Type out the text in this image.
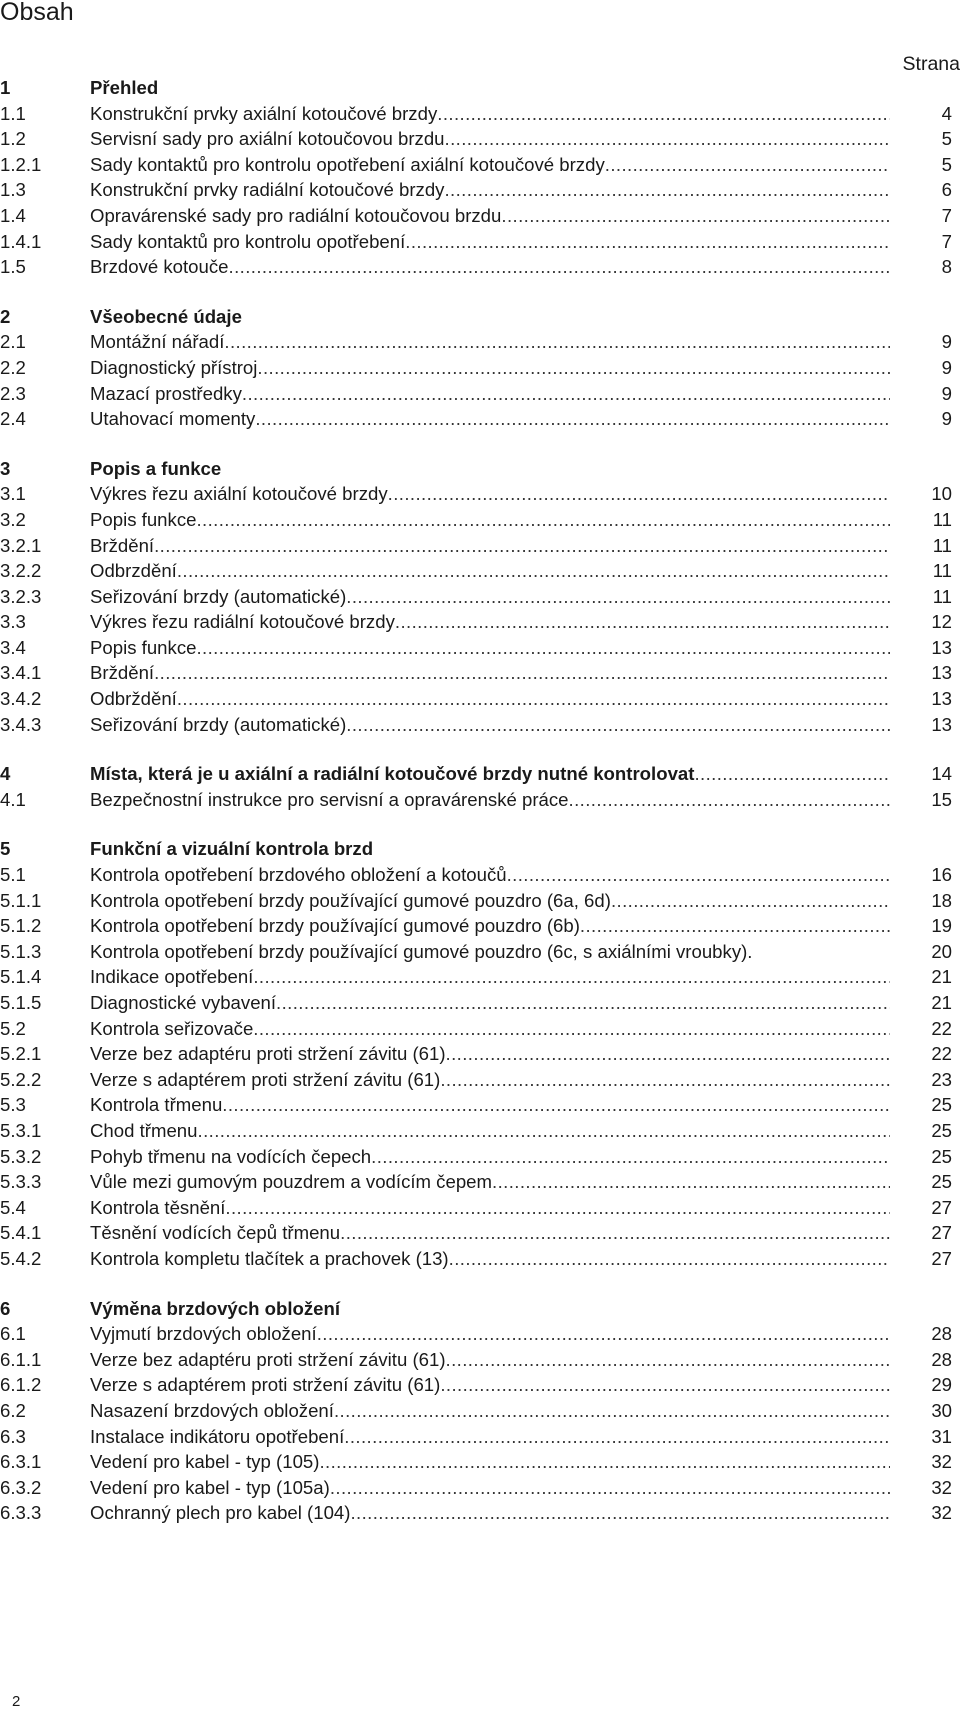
Obsah
Strana
1	Přehled
1.1	Konstrukční prvky axiální kotoučové brzdy .....	4
1.2	Servisní sady pro axiální kotoučovou brzdu .....	5
1.2.1	Sady kontaktů pro kontrolu opotřebení axiální kotoučové brzdy .....	5
1.3	Konstrukční prvky radiální kotoučové brzdy .....	6
1.4	Opravárenské sady pro radiální kotoučovou brzdu .....	7
1.4.1	Sady kontaktů pro kontrolu opotřebení .....	7
1.5	Brzdové kotouče .....	8
2	Všeobecné údaje
2.1	Montážní nářadí .....	9
2.2	Diagnostický přístroj .....	9
2.3	Mazací prostředky .....	9
2.4	Utahovací momenty .....	9
3	Popis a funkce
3.1	Výkres řezu axiální kotoučové brzdy .....	10
3.2	Popis funkce .....	11
3.2.1	Brždění .....	11
3.2.2	Odbrzdění .....	11
3.2.3	Seřizování brzdy (automatické) .....	11
3.3	Výkres řezu radiální kotoučové brzdy .....	12
3.4	Popis funkce .....	13
3.4.1	Brždění .....	13
3.4.2	Odbrždění .....	13
3.4.3	Seřizování brzdy (automatické) .....	13
4	Místa, která je u axiální a radiální kotoučové brzdy nutné kontrolovat .....	14
4.1	Bezpečnostní instrukce pro servisní a opravárenské práce .....	15
5	Funkční a vizuální kontrola brzd
5.1	Kontrola opotřebení brzdového obložení a kotoučů .....	16
5.1.1	Kontrola opotřebení brzdy používající gumové pouzdro (6a, 6d) .....	18
5.1.2	Kontrola opotřebení brzdy používající gumové pouzdro (6b) .....	19
5.1.3	Kontrola opotřebení brzdy používající gumové pouzdro (6c, s axiálními vroubky).	20
5.1.4	Indikace opotřebení .....	21
5.1.5	Diagnostické vybavení .....	21
5.2	Kontrola seřizovače .....	22
5.2.1	Verze bez adaptéru proti stržení závitu (61) .....	22
5.2.2	Verze s adaptérem proti stržení závitu (61) .....	23
5.3	Kontrola třmenu .....	25
5.3.1	Chod třmenu .....	25
5.3.2	Pohyb třmenu na vodících čepech .....	25
5.3.3	Vůle mezi gumovým pouzdrem a vodícím čepem .....	25
5.4	Kontrola těsnění .....	27
5.4.1	Těsnění vodících čepů třmenu .....	27
5.4.2	Kontrola kompletu tlačítek a prachovek (13) .....	27
6	Výměna brzdových obložení
6.1	Vyjmutí brzdových obložení .....	28
6.1.1	Verze bez adaptéru proti stržení závitu (61) .....	28
6.1.2	Verze s adaptérem proti stržení závitu (61) .....	29
6.2	Nasazení brzdových obložení .....	30
6.3	Instalace indikátoru opotřebení .....	31
6.3.1	Vedení pro kabel - typ (105) .....	32
6.3.2	Vedení pro kabel - typ (105a) .....	32
6.3.3	Ochranný plech pro kabel (104) .....	32
2
